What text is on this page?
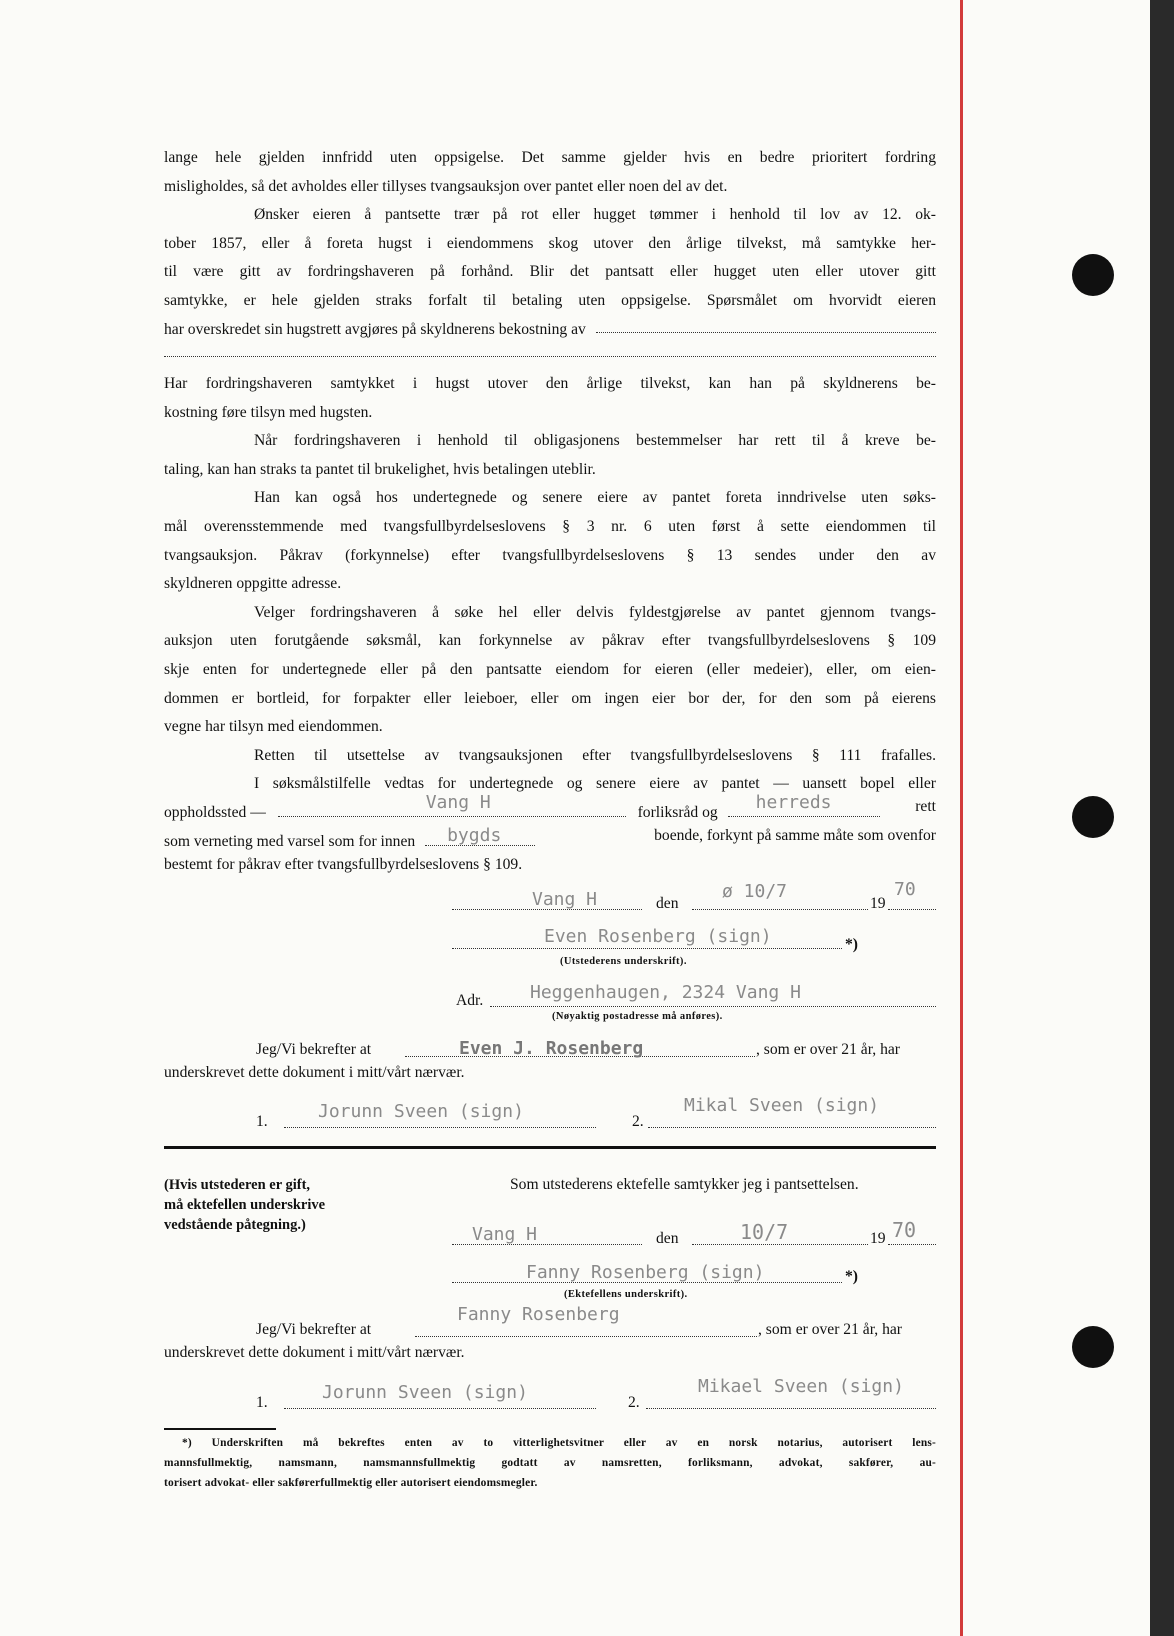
lange hele gjelden innfridd uten oppsigelse. Det samme gjelder hvis en bedre prioritert fordring

misligholdes, så det avholdes eller tillyses tvangsauksjon over pantet eller noen del av det.

Ønsker eieren å pantsette trær på rot eller hugget tømmer i henhold til lov av 12. ok-

tober 1857, eller å foreta hugst i eiendommens skog utover den årlige tilvekst, må samtykke her-

til være gitt av fordringshaveren på forhånd. Blir det pantsatt eller hugget uten eller utover gitt

samtykke, er hele gjelden straks forfalt til betaling uten oppsigelse. Spørsmålet om hvorvidt eieren

har overskredet sin hugstrett avgjøres på skyldnerens bekostning av

Har fordringshaveren samtykket i hugst utover den årlige tilvekst, kan han på skyldnerens be-

kostning føre tilsyn med hugsten.

Når fordringshaveren i henhold til obligasjonens bestemmelser har rett til å kreve be-

taling, kan han straks ta pantet til brukelighet, hvis betalingen uteblir.

Han kan også hos undertegnede og senere eiere av pantet foreta inndrivelse uten søks-

mål overensstemmende med tvangsfullbyrdelseslovens § 3 nr. 6 uten først å sette eiendommen til

tvangsauksjon. Påkrav (forkynnelse) efter tvangsfullbyrdelseslovens § 13 sendes under den av

skyldneren oppgitte adresse.

Velger fordringshaveren å søke hel eller delvis fyldestgjørelse av pantet gjennom tvangs-

auksjon uten forutgående søksmål, kan forkynnelse av påkrav efter tvangsfullbyrdelseslovens § 109

skje enten for undertegnede eller på den pantsatte eiendom for eieren (eller medeier), eller, om eien-

dommen er bortleid, for forpakter eller leieboer, eller om ingen eier bor der, for den som på eierens

vegne har tilsyn med eiendommen.

Retten til utsettelse av tvangsauksjonen efter tvangsfullbyrdelseslovens § 111 frafalles.

I søksmålstilfelle vedtas for undertegnede og senere eiere av pantet — uansett bopel eller

oppholdssted —	Vang H	forliksråd og herreds	rett
som verneting med varsel som for innen bygds	boende, forkynt på samme måte som ovenfor
bestemt for påkrav efter tvangsfullbyrdelseslovens § 109.
Vang H	den
ø 10/7
19
70
Even Rosenberg (sign)	*)
(Utstederens underskrift).
Adr.	Heggenhaugen, 2324 Vang H
(Nøyaktig postadresse må anføres).
Jeg/Vi bekrefter at	Even J. Rosenberg	, som er over 21 år, har
underskrevet dette dokument i mitt/vårt nærvær.
1.	Jorunn Sveen (sign)	2.
Mikal Sveen (sign)
(Hvis utstederen er gift,
må ektefellen underskrive
vedstående påtegning.)
Som utstederens ektefelle samtykker jeg i pantsettelsen.
Vang H	den	10/7	19 70
Fanny Rosenberg (sign)	*)
(Ektefellens underskrift).
Jeg/Vi bekrefter at
Fanny Rosenberg
, som er over 21 år, har
underskrevet dette dokument i mitt/vårt nærvær.
1.	Jorunn Sveen (sign)	2.
Mikael Sveen (sign)

*) Underskriften må bekreftes enten av to vitterlighetsvitner eller av en norsk notarius, autorisert lens-

mannsfullmektig, namsmann, namsmannsfullmektig godtatt av namsretten, forliksmann, advokat, sakfører, au-

torisert advokat- eller sakførerfullmektig eller autorisert eiendomsmegler.
